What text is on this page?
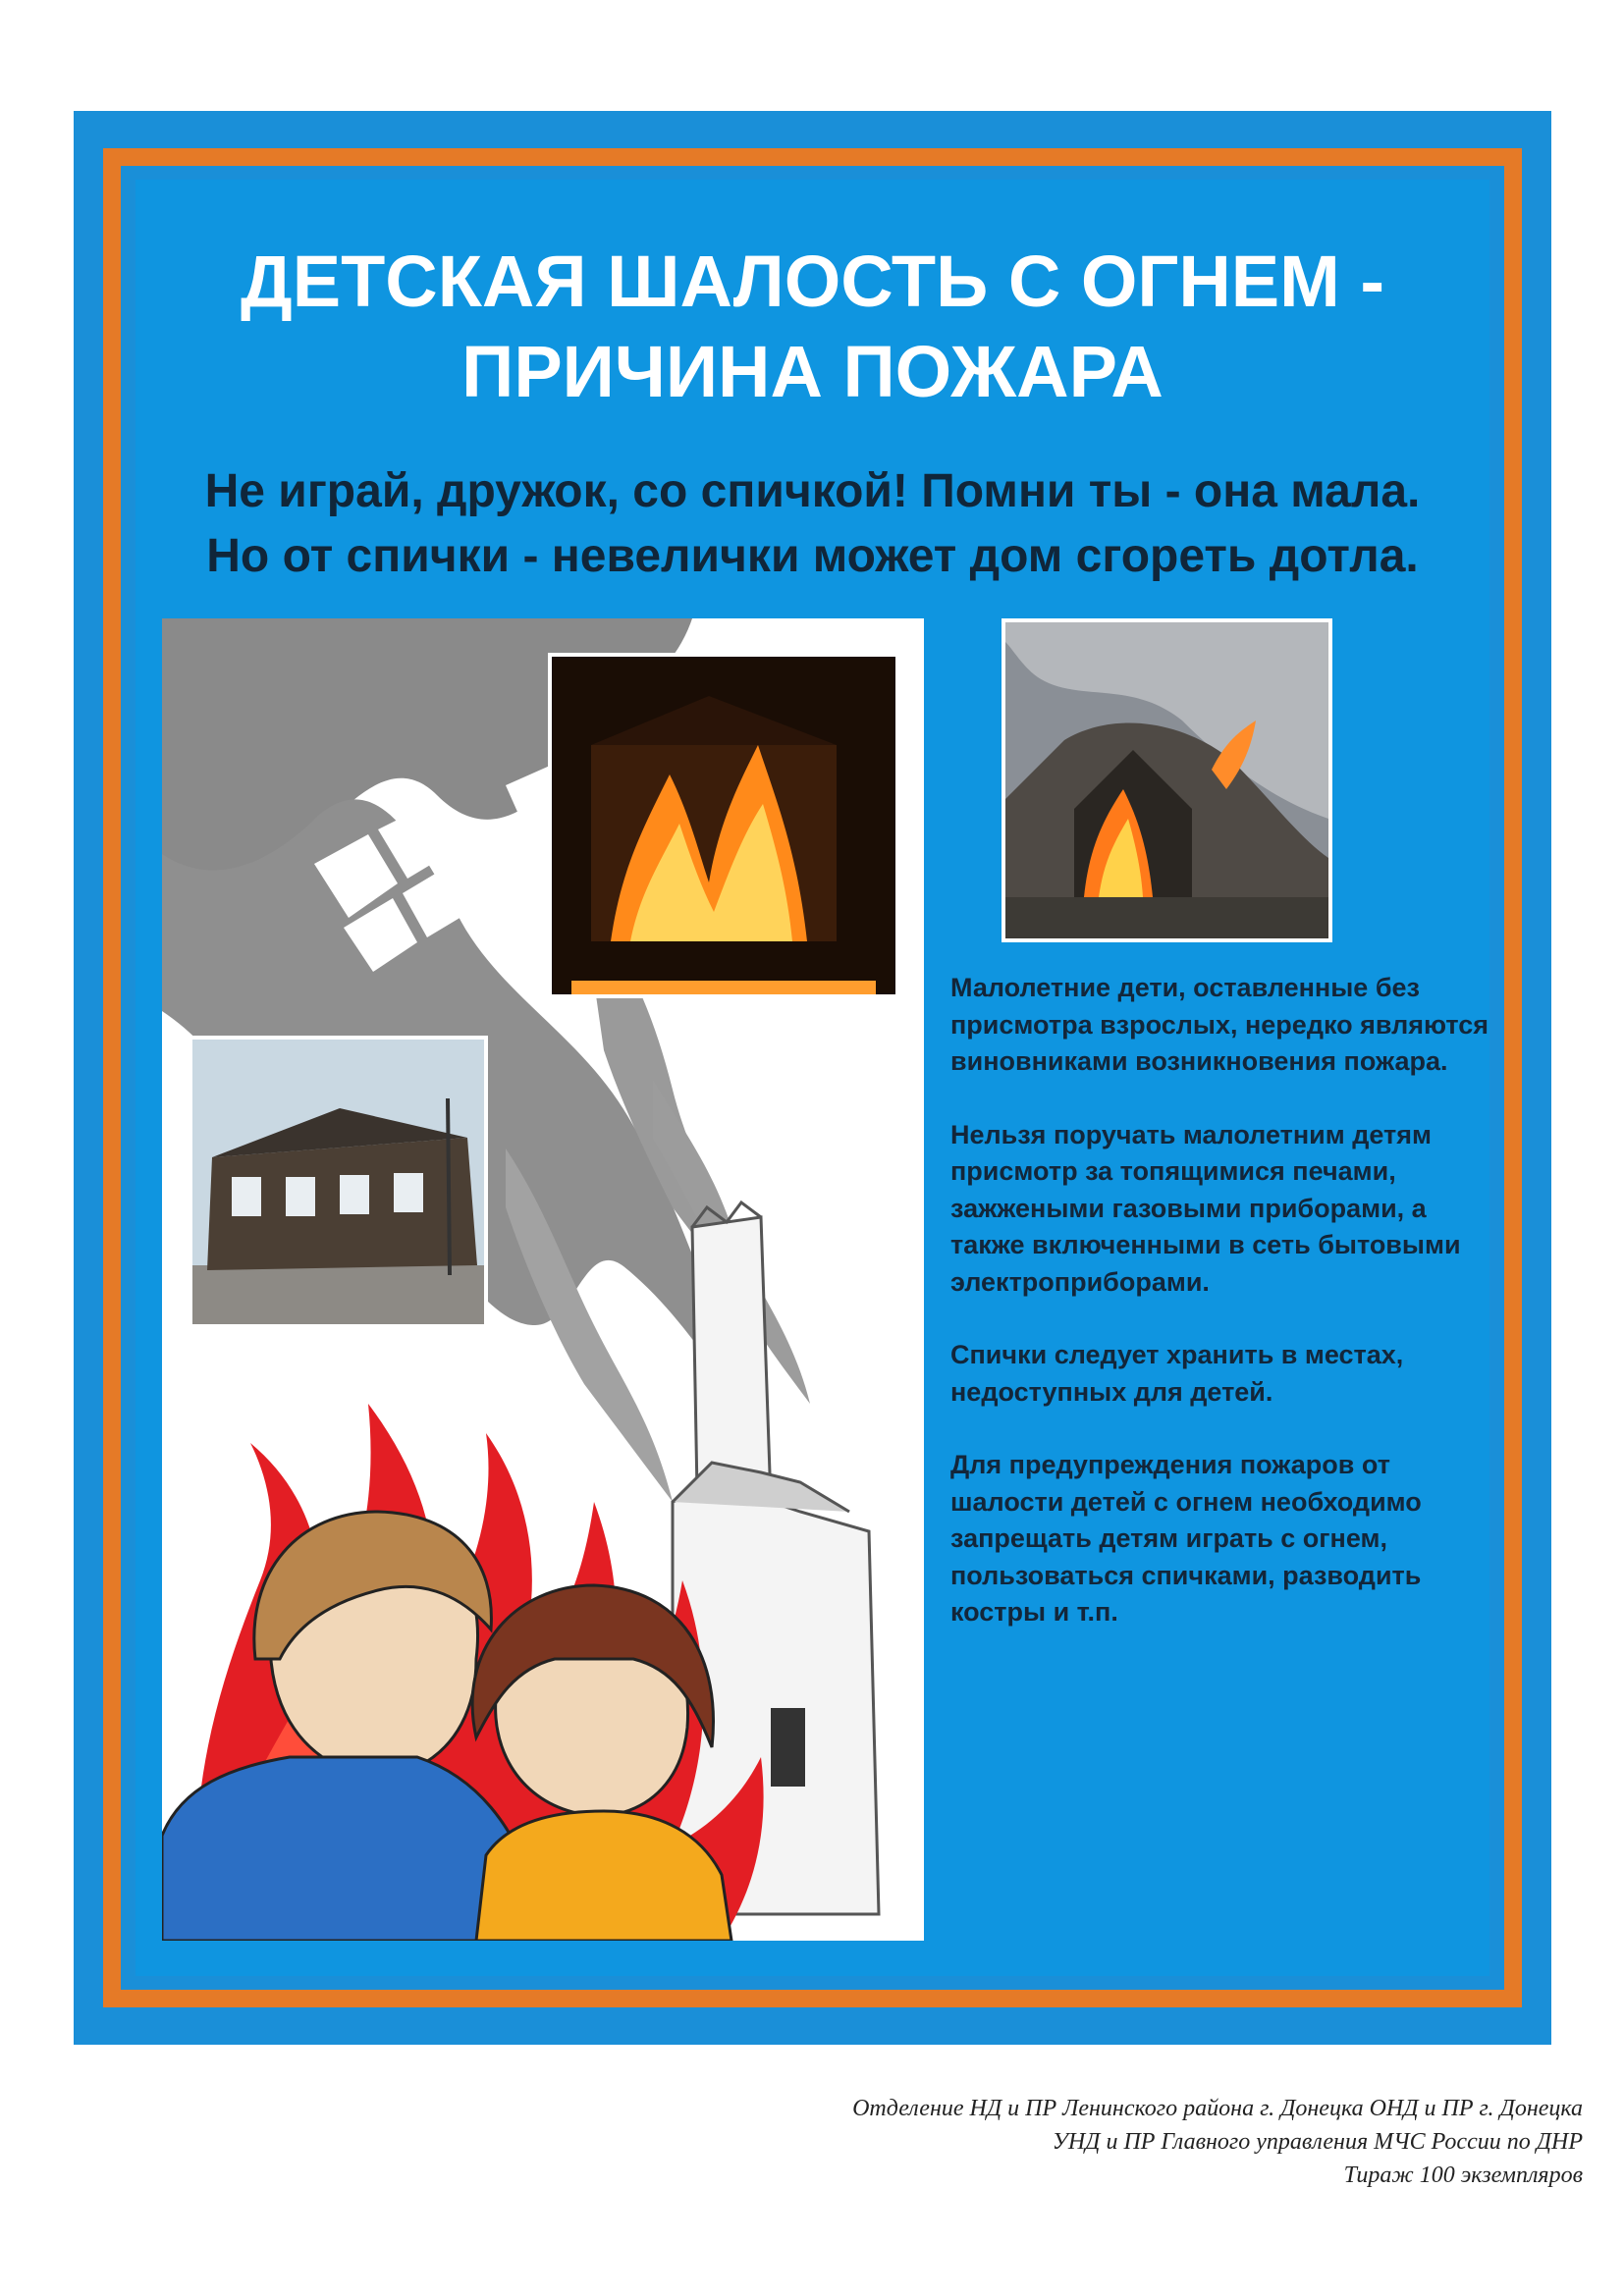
ДЕТСКАЯ ШАЛОСТЬ С ОГНЕМ -
ПРИЧИНА ПОЖАРА
Не играй, дружок, со спичкой! Помни ты - она мала.
Но от спички - невелички может дом сгореть дотла.

Малолетние дети, оставленные без присмотра взрослых, нередко являются виновниками возникновения пожара.

Нельзя поручать малолетним детям присмотр за топящимися печами, зажжеными газовыми приборами, а также включенными в сеть бытовыми электроприборами.

Спички следует хранить в местах, недоступных для детей.

Для предупреждения пожаров от шалости детей с огнем необходимо запрещать детям играть с огнем, пользоваться спичками, разводить костры и т.п.

Отделение НД и ПР Ленинского района г. Донецка ОНД и ПР г. Донецка
УНД и ПР Главного управления МЧС России по ДНР
Тираж 100 экземпляров
